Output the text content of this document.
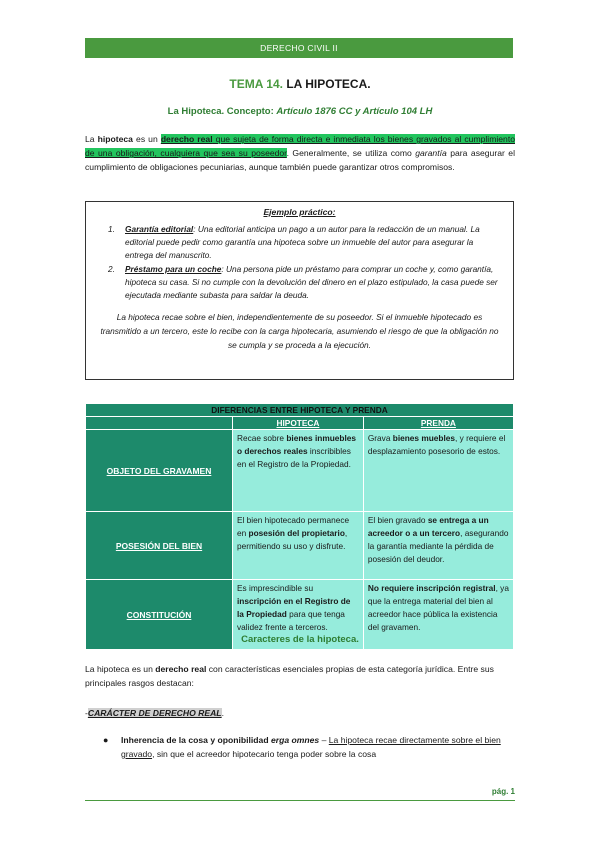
DERECHO CIVIL II
TEMA 14. LA HIPOTECA.
La Hipoteca. Concepto: Artículo 1876 CC y Artículo 104 LH

La hipoteca es un derecho real que sujeta de forma directa e inmediata los bienes gravados al cumplimiento de una obligación, cualquiera que sea su poseedor. Generalmente, se utiliza como garantía para asegurar el cumplimiento de obligaciones pecuniarias, aunque también puede garantizar otros compromisos.

Ejemplo práctico:
1.	Garantía editorial: Una editorial anticipa un pago a un autor para la redacción de un manual. La editorial puede pedir como garantía una hipoteca sobre un inmueble del autor para asegurar la entrega del manuscrito.
2.	Préstamo para un coche: Una persona pide un préstamo para comprar un coche y, como garantía, hipoteca su casa. Si no cumple con la devolución del dinero en el plazo estipulado, la casa puede ser ejecutada mediante subasta para saldar la deuda.

La hipoteca recae sobre el bien, independientemente de su poseedor. Si el inmueble hipotecado es transmitido a un tercero, este lo recibe con la carga hipotecaria, asumiendo el riesgo de que la obligación no se cumpla y se proceda a la ejecución.

DIFERENCIAS ENTRE HIPOTECA Y PRENDA		
	HIPOTECA	PRENDA
OBJETO DEL GRAVAMEN	Recae sobre bienes inmuebles o derechos reales inscribibles en el Registro de la Propiedad.	Grava bienes muebles, y requiere el desplazamiento posesorio de estos.
POSESIÓN DEL BIEN	El bien hipotecado permanece en posesión del propietario, permitiendo su uso y disfrute.	El bien gravado se entrega a un acreedor o a un tercero, asegurando la garantía mediante la pérdida de posesión del deudor.
CONSTITUCIÓN	Es imprescindible su inscripción en el Registro de la Propiedad para que tenga validez frente a terceros.	No requiere inscripción registral, ya que la entrega material del bien al acreedor hace pública la existencia del gravamen.
Caracteres de la hipoteca.

La hipoteca es un derecho real con características esenciales propias de esta categoría jurídica. Entre sus principales rasgos destacan:

-CARÁCTER DE DERECHO REAL.
●	Inherencia de la cosa y oponibilidad erga omnes – La hipoteca recae directamente sobre el bien gravado, sin que el acreedor hipotecario tenga poder sobre la cosa
pág. 1
